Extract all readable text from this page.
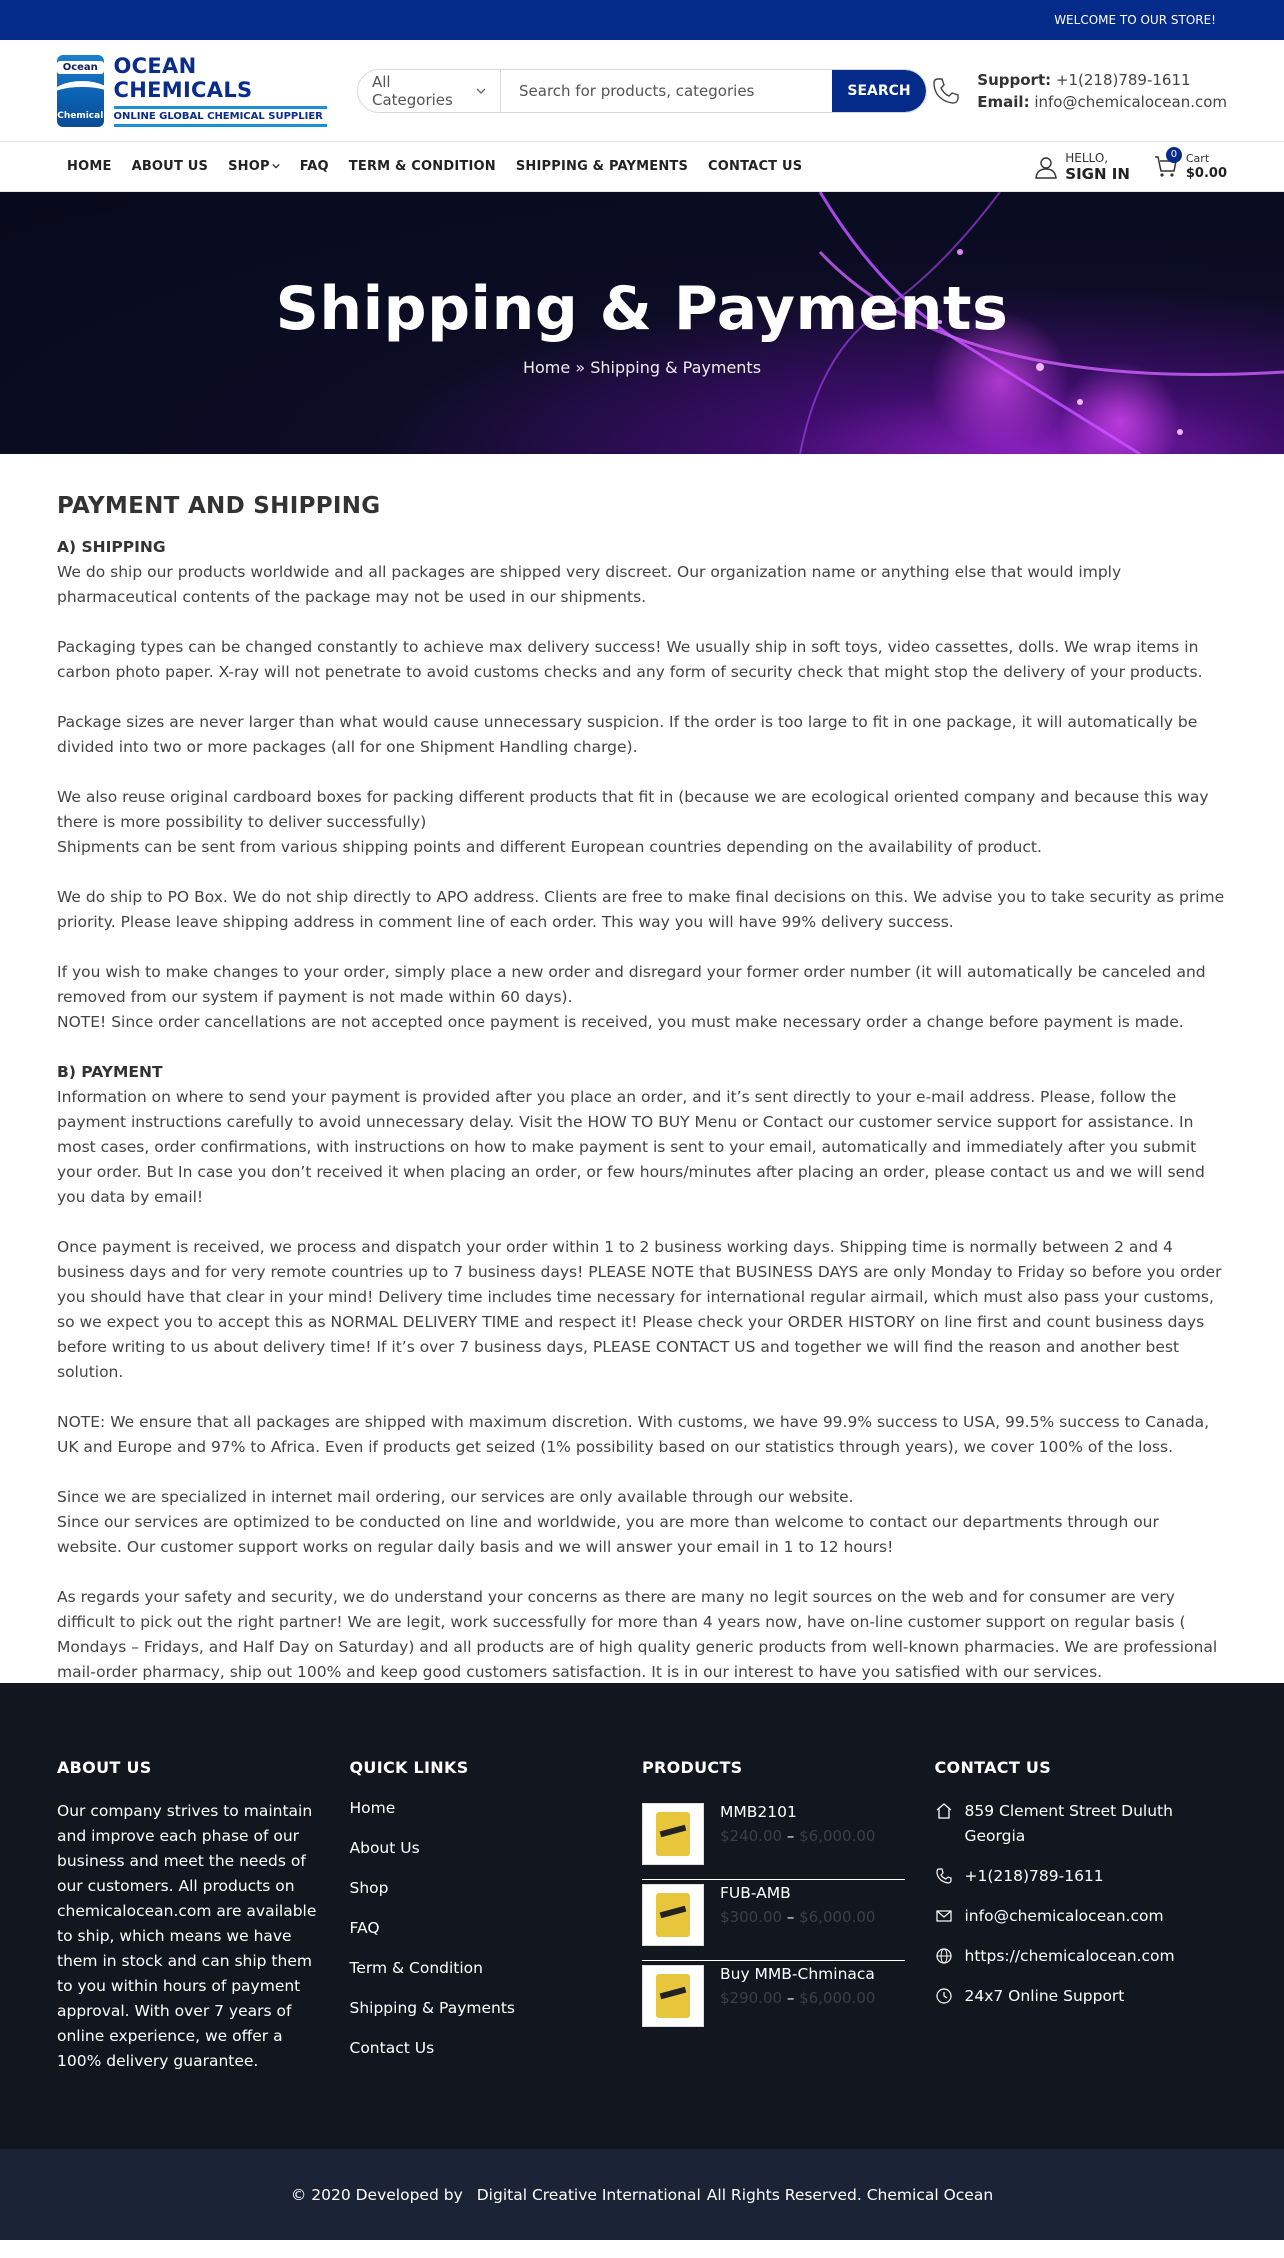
WELCOME TO OUR STORE!
Ocean
Chemical
OCEAN CHEMICALS
ONLINE GLOBAL CHEMICAL SUPPLIER
All Categories
Search for products, categories	SEARCH
Support: +1(218)789-1611
Email: info@chemicalocean.com
HOME ABOUT US SHOP	FAQ TERM & CONDITION SHIPPING & PAYMENTS CONTACT US
HELLO,
SIGN IN
0 Cart
$0.00
Shipping & Payments
Home » Shipping & Payments
PAYMENT AND SHIPPING
A) SHIPPING

We do ship our products worldwide and all packages are shipped very discreet. Our organization name or anything else that would imply pharmaceutical contents of the package may not be used in our shipments.

Packaging types can be changed constantly to achieve max delivery success! We usually ship in soft toys, video cassettes, dolls. We wrap items in carbon photo paper. X-ray will not penetrate to avoid customs checks and any form of security check that might stop the delivery of your products.

Package sizes are never larger than what would cause unnecessary suspicion. If the order is too large to fit in one package, it will automatically be divided into two or more packages (all for one Shipment Handling charge).

We also reuse original cardboard boxes for packing different products that fit in (because we are ecological oriented company and because this way there is more possibility to deliver successfully)

Shipments can be sent from various shipping points and different European countries depending on the availability of product.

We do ship to PO Box. We do not ship directly to APO address. Clients are free to make final decisions on this. We advise you to take security as prime priority. Please leave shipping address in comment line of each order. This way you will have 99% delivery success.

If you wish to make changes to your order, simply place a new order and disregard your former order number (it will automatically be canceled and removed from our system if payment is not made within 60 days).

NOTE! Since order cancellations are not accepted once payment is received, you must make necessary order a change before payment is made.

B) PAYMENT

Information on where to send your payment is provided after you place an order, and it’s sent directly to your e-mail address. Please, follow the payment instructions carefully to avoid unnecessary delay. Visit the HOW TO BUY Menu or Contact our customer service support for assistance. In most cases, order confirmations, with instructions on how to make payment is sent to your email, automatically and immediately after you submit your order. But In case you don’t received it when placing an order, or few hours/minutes after placing an order, please contact us and we will send you data by email!

Once payment is received, we process and dispatch your order within 1 to 2 business working days. Shipping time is normally between 2 and 4 business days and for very remote countries up to 7 business days! PLEASE NOTE that BUSINESS DAYS are only Monday to Friday so before you order you should have that clear in your mind! Delivery time includes time necessary for international regular airmail, which must also pass your customs, so we expect you to accept this as NORMAL DELIVERY TIME and respect it! Please check your ORDER HISTORY on line first and count business days before writing to us about delivery time! If it’s over 7 business days, PLEASE CONTACT US and together we will find the reason and another best solution.

NOTE: We ensure that all packages are shipped with maximum discretion. With customs, we have 99.9% success to USA, 99.5% success to Canada, UK and Europe and 97% to Africa. Even if products get seized (1% possibility based on our statistics through years), we cover 100% of the loss.

Since we are specialized in internet mail ordering, our services are only available through our website.

Since our services are optimized to be conducted on line and worldwide, you are more than welcome to contact our departments through our website. Our customer support works on regular daily basis and we will answer your email in 1 to 12 hours!

As regards your safety and security, we do understand your concerns as there are many no legit sources on the web and for consumer are very difficult to pick out the right partner! We are legit, work successfully for more than 4 years now, have on-line customer support on regular basis ( Mondays – Fridays, and Half Day on Saturday) and all products are of high quality generic products from well-known pharmacies. We are professional mail-order pharmacy, ship out 100% and keep good customers satisfaction. It is in our interest to have you satisfied with our services.

ABOUT US
Our company strives to maintain and improve each phase of our business and meet the needs of our customers. All products on chemicalocean.com are available to ship, which means we have them in stock and can ship them to you within hours of payment approval. With over 7 years of online experience, we offer a 100% delivery guarantee.
QUICK LINKS
Home
About Us
Shop
FAQ
Term & Condition
Shipping & Payments
Contact Us
PRODUCTS
MMB2101
$240.00 – $6,000.00
FUB-AMB
$300.00 – $6,000.00
Buy MMB-Chminaca
$290.00 – $6,000.00
CONTACT US
859 Clement Street Duluth Georgia
+1(218)789-1611
info@chemicalocean.com
https://chemicalocean.com
24x7 Online Support
© 2020 Developed by Digital Creative International All Rights Reserved. Chemical Ocean
